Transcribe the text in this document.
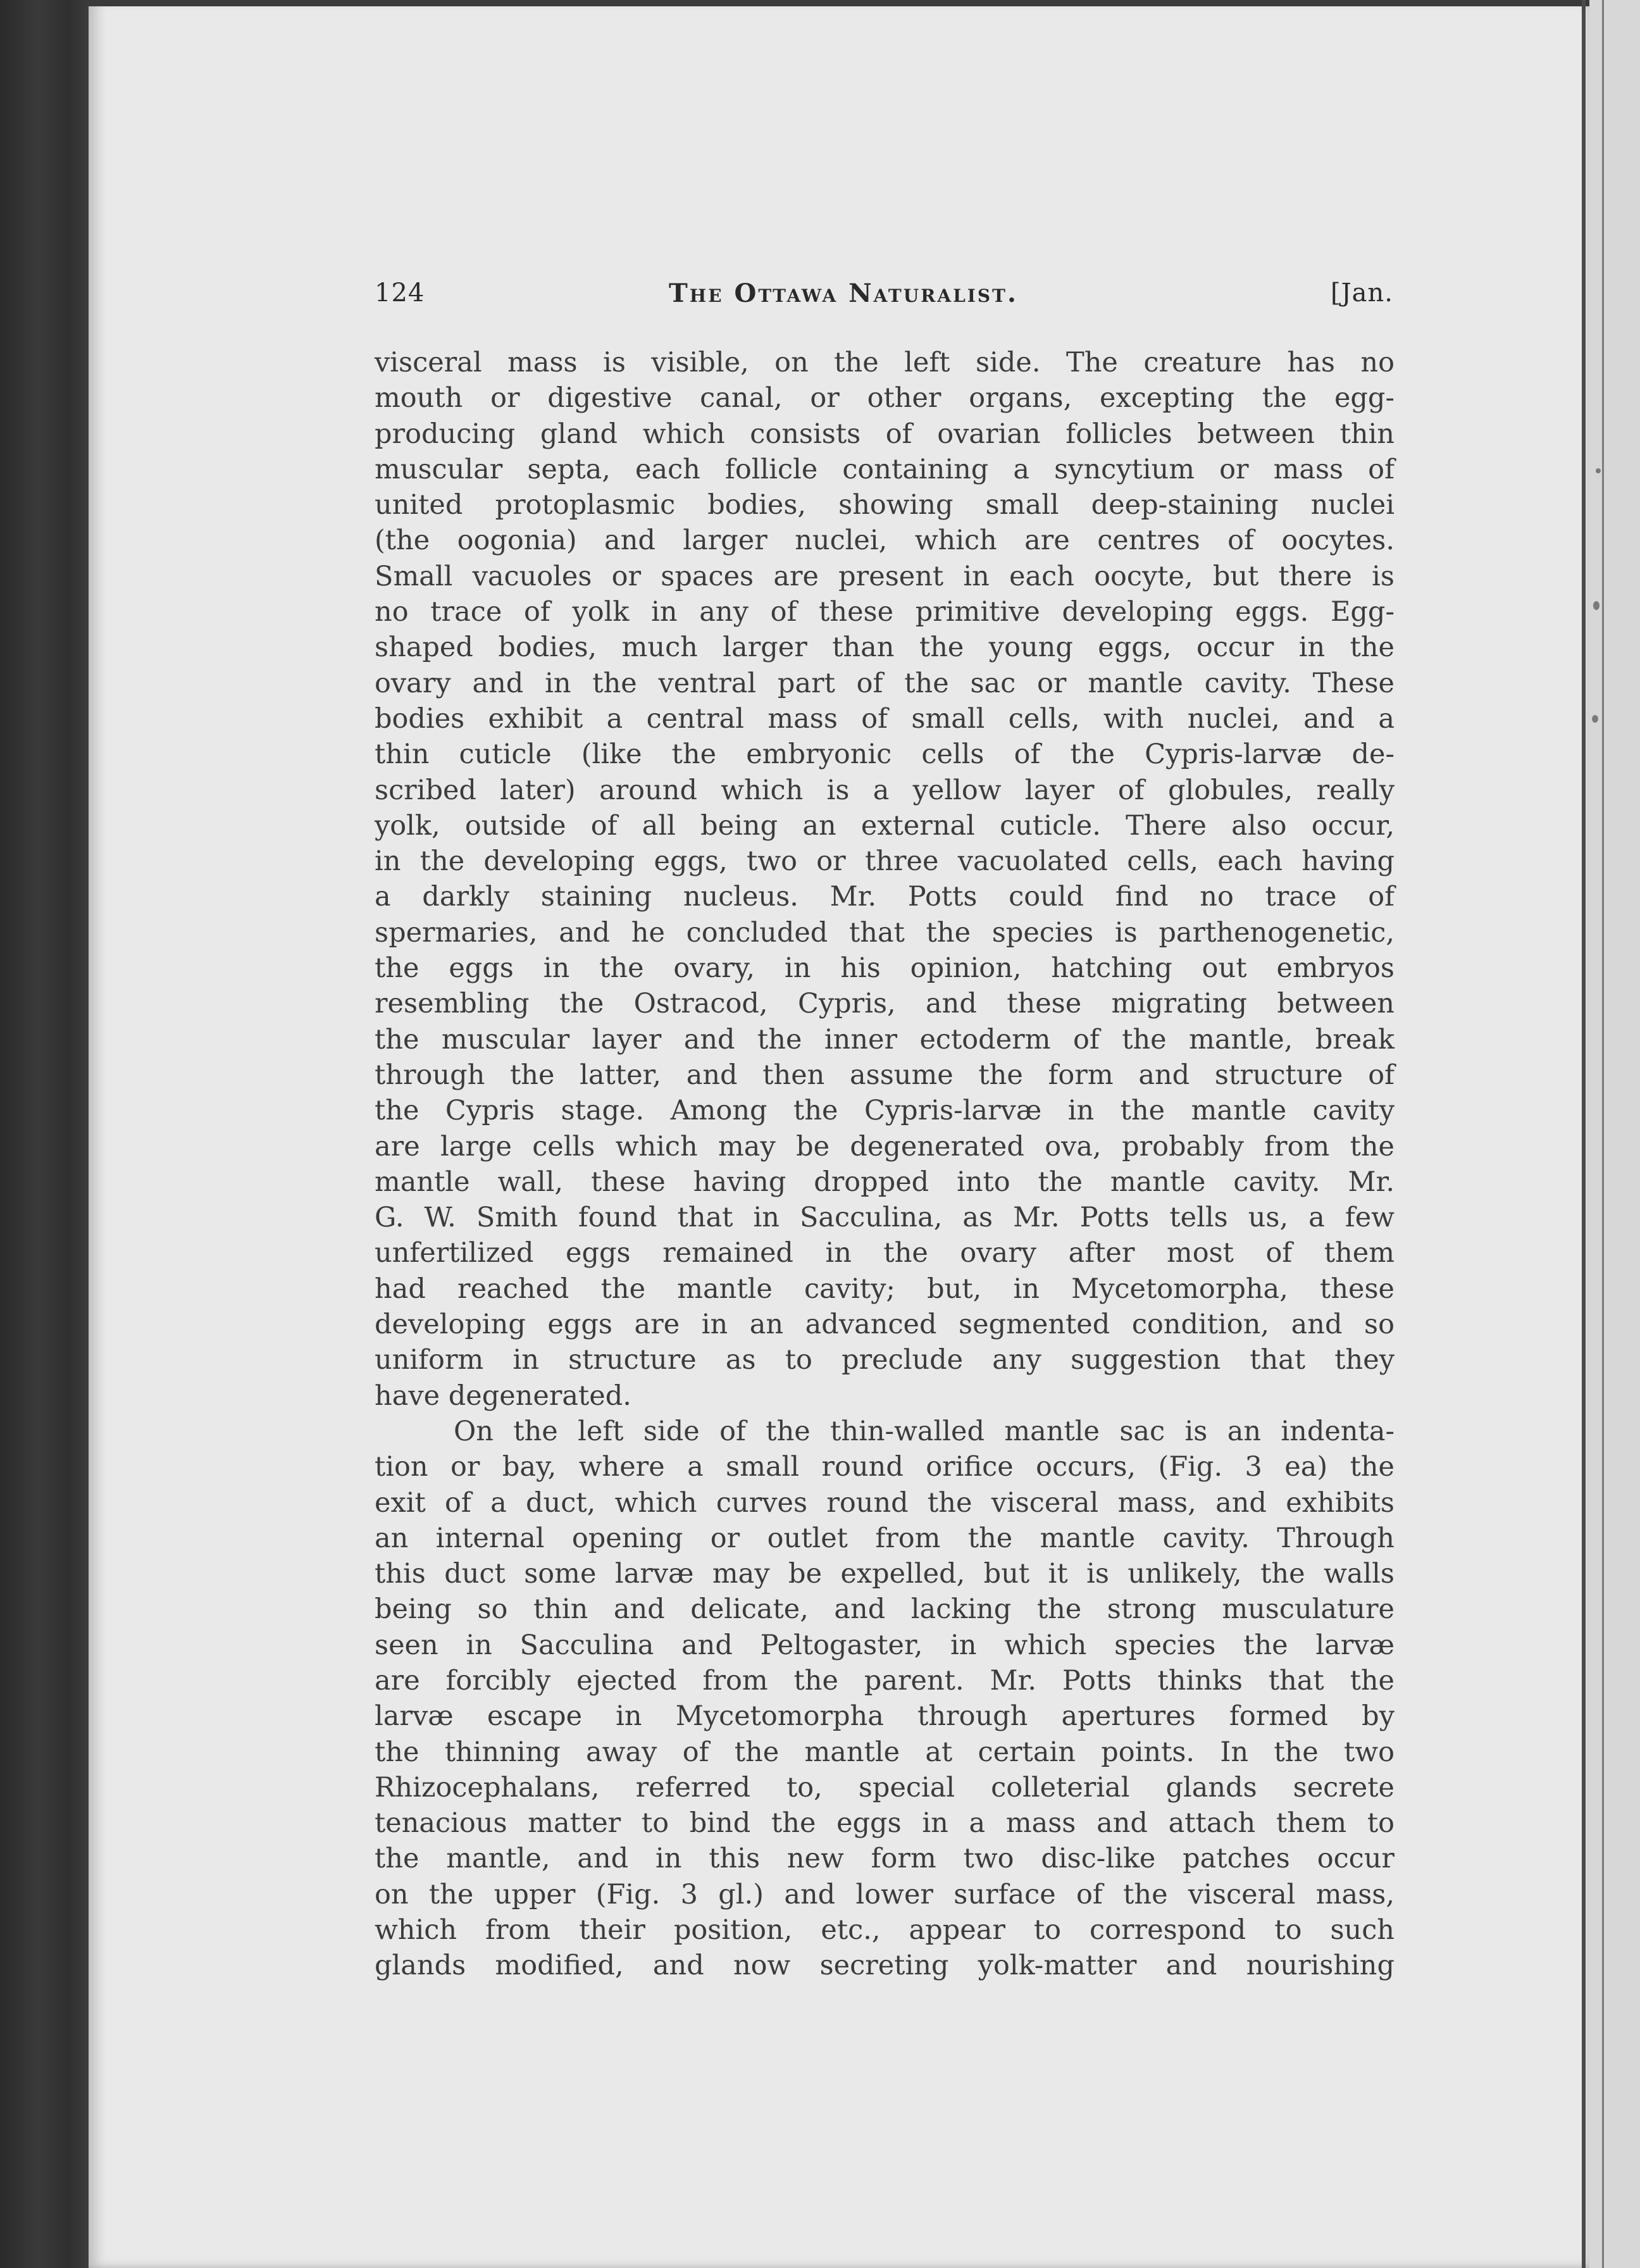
124	The Ottawa Naturalist.	[Jan.
visceral mass is visible, on the left side. The creature has no
mouth or digestive canal, or other organs, excepting the egg-
producing gland which consists of ovarian follicles between thin
muscular septa, each follicle containing a syncytium or mass of
united protoplasmic bodies, showing small deep-staining nuclei
(the oogonia) and larger nuclei, which are centres of oocytes.
Small vacuoles or spaces are present in each oocyte, but there is
no trace of yolk in any of these primitive developing eggs. Egg-
shaped bodies, much larger than the young eggs, occur in the
ovary and in the ventral part of the sac or mantle cavity. These
bodies exhibit a central mass of small cells, with nuclei, and a
thin cuticle (like the embryonic cells of the Cypris-larvæ de-
scribed later) around which is a yellow layer of globules, really
yolk, outside of all being an external cuticle. There also occur,
in the developing eggs, two or three vacuolated cells, each having
a darkly staining nucleus. Mr. Potts could find no trace of
spermaries, and he concluded that the species is parthenogenetic,
the eggs in the ovary, in his opinion, hatching out embryos
resembling the Ostracod, Cypris, and these migrating between
the muscular layer and the inner ectoderm of the mantle, break
through the latter, and then assume the form and structure of
the Cypris stage. Among the Cypris-larvæ in the mantle cavity
are large cells which may be degenerated ova, probably from the
mantle wall, these having dropped into the mantle cavity. Mr.
G. W. Smith found that in Sacculina, as Mr. Potts tells us, a few
unfertilized eggs remained in the ovary after most of them
had reached the mantle cavity; but, in Mycetomorpha, these
developing eggs are in an advanced segmented condition, and so
uniform in structure as to preclude any suggestion that they
have degenerated.
On the left side of the thin-walled mantle sac is an indenta-
tion or bay, where a small round orifice occurs, (Fig. 3 ea) the
exit of a duct, which curves round the visceral mass, and exhibits
an internal opening or outlet from the mantle cavity. Through
this duct some larvæ may be expelled, but it is unlikely, the walls
being so thin and delicate, and lacking the strong musculature
seen in Sacculina and Peltogaster, in which species the larvæ
are forcibly ejected from the parent. Mr. Potts thinks that the
larvæ escape in Mycetomorpha through apertures formed by
the thinning away of the mantle at certain points. In the two
Rhizocephalans, referred to, special colleterial glands secrete
tenacious matter to bind the eggs in a mass and attach them to
the mantle, and in this new form two disc-like patches occur
on the upper (Fig. 3 gl.) and lower surface of the visceral mass,
which from their position, etc., appear to correspond to such
glands modified, and now secreting yolk-matter and nourishing
